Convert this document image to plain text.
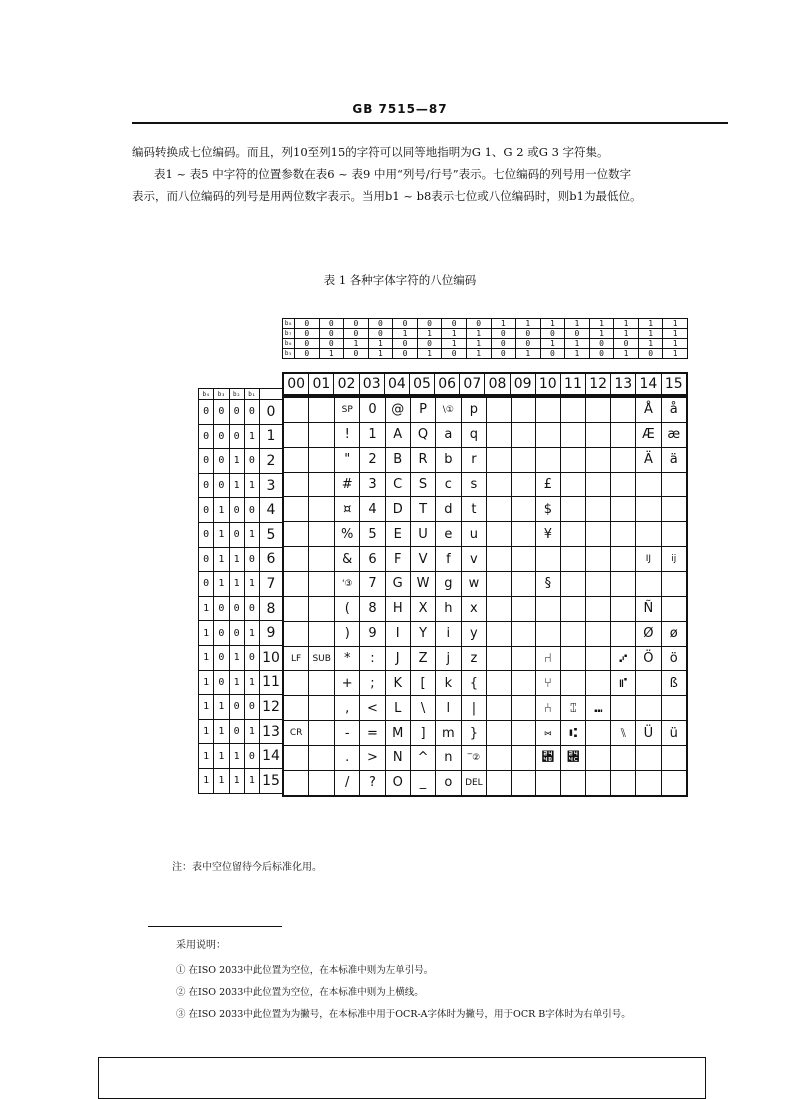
GB 7515—87
编码转换成七位编码。而且，列10至列15的字符可以同等地指明为G 1、G 2 或G 3 字符集。
表1 ~ 表5 中字符的位置参数在表6 ~ 表9 中用“列号/行号”表示。七位编码的列号用一位数字
表示，而八位编码的列号是用两位数字表示。当用b1 ~ b8表示七位或八位编码时，则b1为最低位。
表 1 各种字体字符的八位编码
b₈	0	0	0	0	0	0	0	0	1	1	1	1	1	1	1	1
b₇	0	0	0	0	1	1	1	1	0	0	0	0	1	1	1	1
b₆	0	0	1	1	0	0	1	1	0	0	1	1	0	0	1	1
b₅	0	1	0	1	0	1	0	1	0	1	0	1	0	1	0	1
00	01	02	03	04	05	06	07	08	09	10	11	12	13	14	15
b₄	b₃	b₂	b₁	
0	0	0	0	0
0	0	0	1	1
0	0	1	0	2
0	0	1	1	3
0	1	0	0	4
0	1	0	1	5
0	1	1	0	6
0	1	1	1	7
1	0	0	0	8
1	0	0	1	9
1	0	1	0	10
1	0	1	1	11
1	1	0	0	12
1	1	0	1	13
1	1	1	0	14
1	1	1	1	15
		SP	0	@	P	\①	p							Å	å
		!	1	A	Q	a	q							Æ	æ
		"	2	B	R	b	r							Ä	ä
		#	3	C	S	c	s			£					
		¤	4	D	T	d	t			$					
		%	5	E	U	e	u			¥					
		&	6	F	V	f	v							IJ	ij
		'③	7	G	W	g	w			§					
		(	8	H	X	h	x							Ñ	
		)	9	I	Y	i	y							Ø	ø
LF	SUB	*	:	J	Z	j	z			⑁			⑇	Ö	ö
		+	;	K	[	k	{			⑂			⑈		ß
		,	<	L	\	l	|			⑃	⑄	⑉			
CR		-	=	M	]	m	}			⑅	⑆		⑊	Ü	ü
		.	>	N	^	n	‾②			⑋	⑌				
		/	?	O	_	o	DEL								
注：表中空位留待今后标准化用。
采用说明：
① 在ISO 2033中此位置为空位，在本标准中则为左单引号。
② 在ISO 2033中此位置为空位，在本标准中则为上横线。
③ 在ISO 2033中此位置为为撇号，在本标准中用于OCR-A字体时为撇号，用于OCR B字体时为右单引号。
